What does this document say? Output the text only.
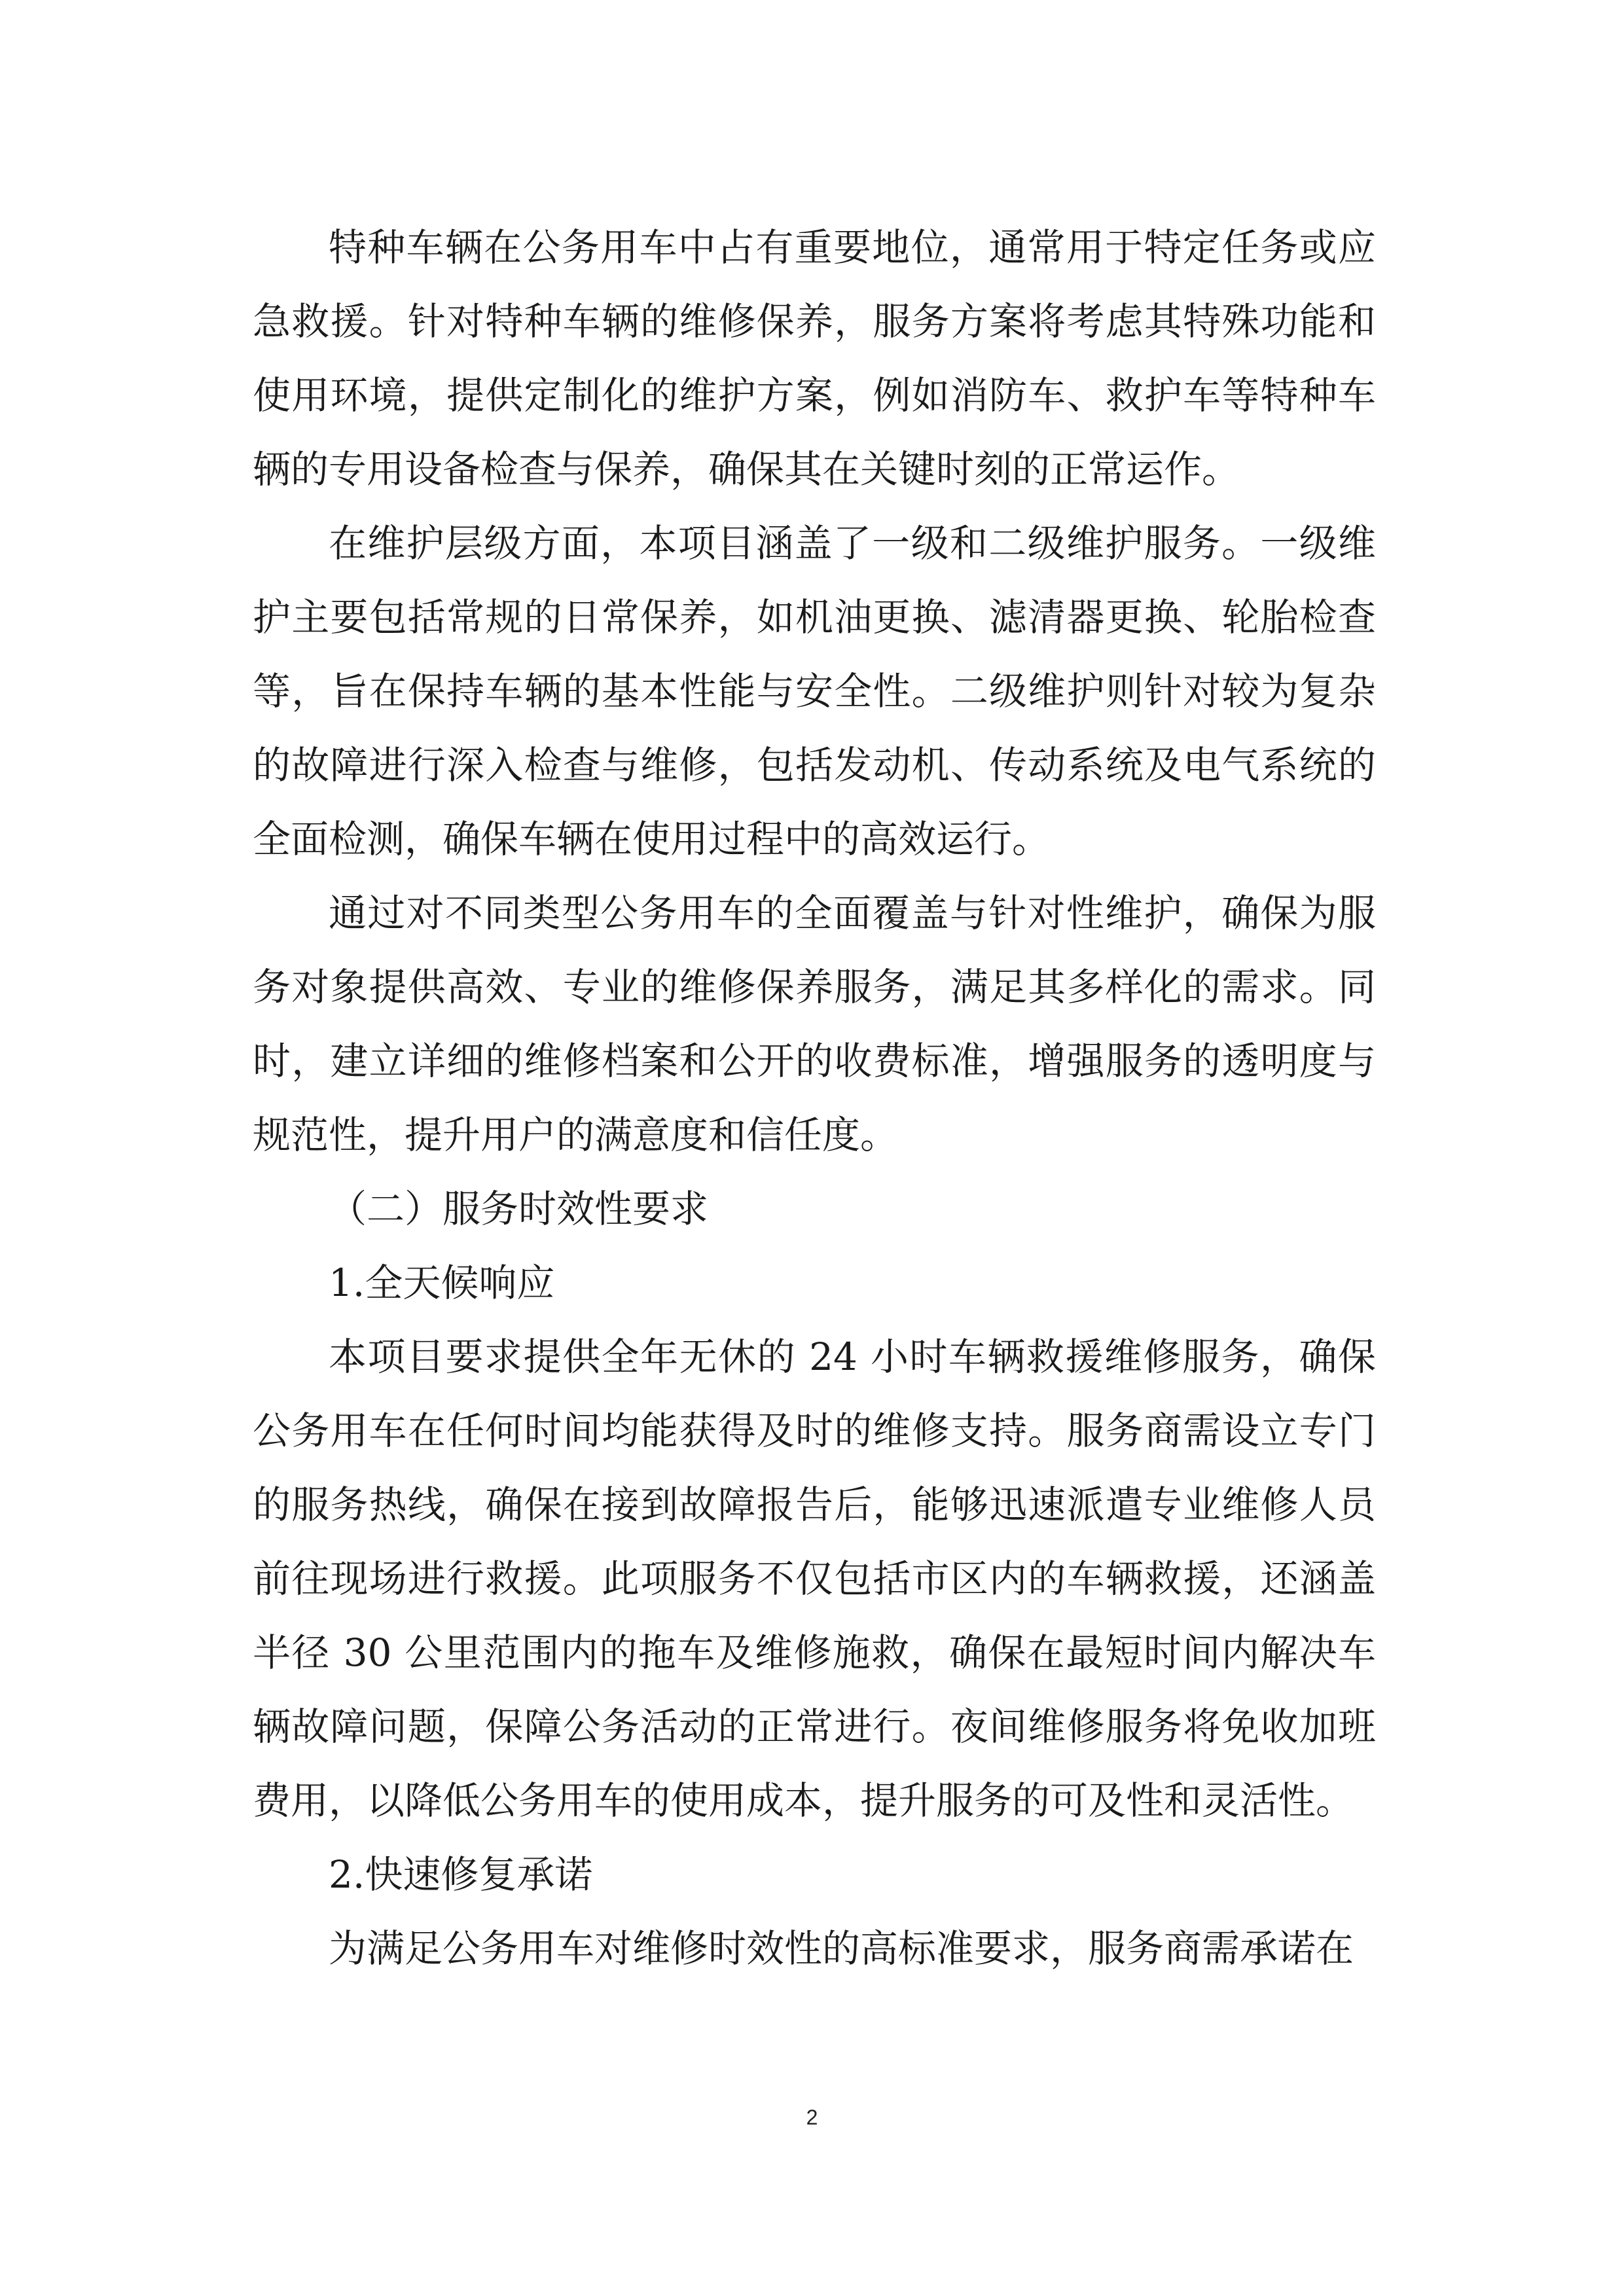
特种车辆在公务用车中占有重要地位，通常用于特定任务或应急救援。针对特种车辆的维修保养，服务方案将考虑其特殊功能和使用环境，提供定制化的维护方案，例如消防车、救护车等特种车辆的专用设备检查与保养，确保其在关键时刻的正常运作。

在维护层级方面，本项目涵盖了一级和二级维护服务。一级维护主要包括常规的日常保养，如机油更换、滤清器更换、轮胎检查等，旨在保持车辆的基本性能与安全性。二级维护则针对较为复杂的故障进行深入检查与维修，包括发动机、传动系统及电气系统的全面检测，确保车辆在使用过程中的高效运行。

通过对不同类型公务用车的全面覆盖与针对性维护，确保为服务对象提供高效、专业的维修保养服务，满足其多样化的需求。同时，建立详细的维修档案和公开的收费标准，增强服务的透明度与规范性，提升用户的满意度和信任度。

（二）服务时效性要求

1.全天候响应

本项目要求提供全年无休的 24 小时车辆救援维修服务，确保公务用车在任何时间均能获得及时的维修支持。服务商需设立专门的服务热线，确保在接到故障报告后，能够迅速派遣专业维修人员前往现场进行救援。此项服务不仅包括市区内的车辆救援，还涵盖半径 30 公里范围内的拖车及维修施救，确保在最短时间内解决车辆故障问题，保障公务活动的正常进行。夜间维修服务将免收加班费用，以降低公务用车的使用成本，提升服务的可及性和灵活性。

2.快速修复承诺

为满足公务用车对维修时效性的高标准要求，服务商需承诺在

2
